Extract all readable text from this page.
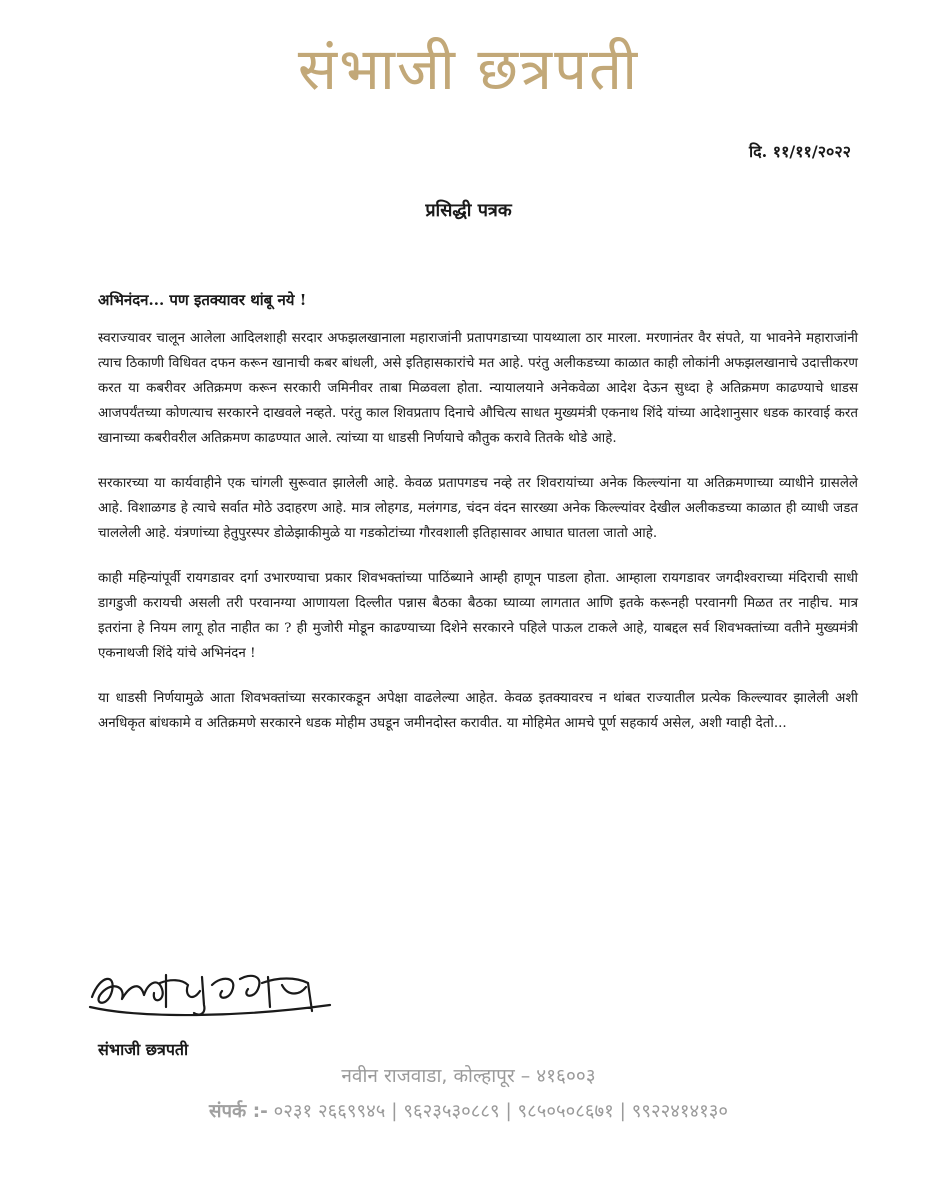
संभाजी छत्रपती
दि. ११/११/२०२२
प्रसिद्धी पत्रक

अभिनंदन... पण इतक्यावर थांबू नये !

स्वराज्यावर चालून आलेला आदिलशाही सरदार अफझलखानाला महाराजांनी प्रतापगडाच्या पायथ्याला ठार मारला. मरणानंतर वैर संपते, या भावनेने महाराजांनी त्याच ठिकाणी विधिवत दफन करून खानाची कबर बांधली, असे इतिहासकारांचे मत आहे. परंतु अलीकडच्या काळात काही लोकांनी अफझलखानाचे उदात्तीकरण करत या कबरीवर अतिक्रमण करून सरकारी जमिनीवर ताबा मिळवला होता. न्यायालयाने अनेकवेळा आदेश देऊन सुध्दा हे अतिक्रमण काढण्याचे धाडस आजपर्यंतच्या कोणत्याच सरकारने दाखवले नव्हते. परंतु काल शिवप्रताप दिनाचे औचित्य साधत मुख्यमंत्री एकनाथ शिंदे यांच्या आदेशानुसार धडक कारवाई करत खानाच्या कबरीवरील अतिक्रमण काढण्यात आले. त्यांच्या या धाडसी निर्णयाचे कौतुक करावे तितके थोडे आहे.

सरकारच्या या कार्यवाहीने एक चांगली सुरूवात झालेली आहे. केवळ प्रतापगडच नव्हे तर शिवरायांच्या अनेक किल्ल्यांना या अतिक्रमणाच्या व्याधीने ग्रासलेले आहे. विशाळगड हे त्याचे सर्वात मोठे उदाहरण आहे. मात्र लोहगड, मलंगगड, चंदन वंदन सारख्या अनेक किल्ल्यांवर देखील अलीकडच्या काळात ही व्याधी जडत चाललेली आहे. यंत्रणांच्या हेतुपुरस्पर डोळेझाकीमुळे या गडकोटांच्या गौरवशाली इतिहासावर आघात घातला जातो आहे.

काही महिन्यांपूर्वी रायगडावर दर्गा उभारण्याचा प्रकार शिवभक्तांच्या पाठिंब्याने आम्ही हाणून पाडला होता. आम्हाला रायगडावर जगदीश्वराच्या मंदिराची साधी डागडुजी करायची असली तरी परवानग्या आणायला दिल्लीत पन्नास बैठका बैठका घ्याव्या लागतात आणि इतके करूनही परवानगी मिळत तर नाहीच. मात्र इतरांना हे नियम लागू होत नाहीत का ? ही मुजोरी मोडून काढण्याच्या दिशेने सरकारने पहिले पाऊल टाकले आहे, याबद्दल सर्व शिवभक्तांच्या वतीने मुख्यमंत्री एकनाथजी शिंदे यांचे अभिनंदन !

या धाडसी निर्णयामुळे आता शिवभक्तांच्या सरकारकडून अपेक्षा वाढलेल्या आहेत. केवळ इतक्यावरच न थांबत राज्यातील प्रत्येक किल्ल्यावर झालेली अशी अनधिकृत बांधकामे व अतिक्रमणे सरकारने धडक मोहीम उघडून जमीनदोस्त करावीत. या मोहिमेत आमचे पूर्ण सहकार्य असेल, अशी ग्वाही देतो...

संभाजी छत्रपती
नवीन राजवाडा, कोल्हापूर – ४१६००३
संपर्क :- ०२३१ २६६९९४५ | ९६२३५३०८८९ | ९८५०५०८६७१ | ९९२२४१४१३०
